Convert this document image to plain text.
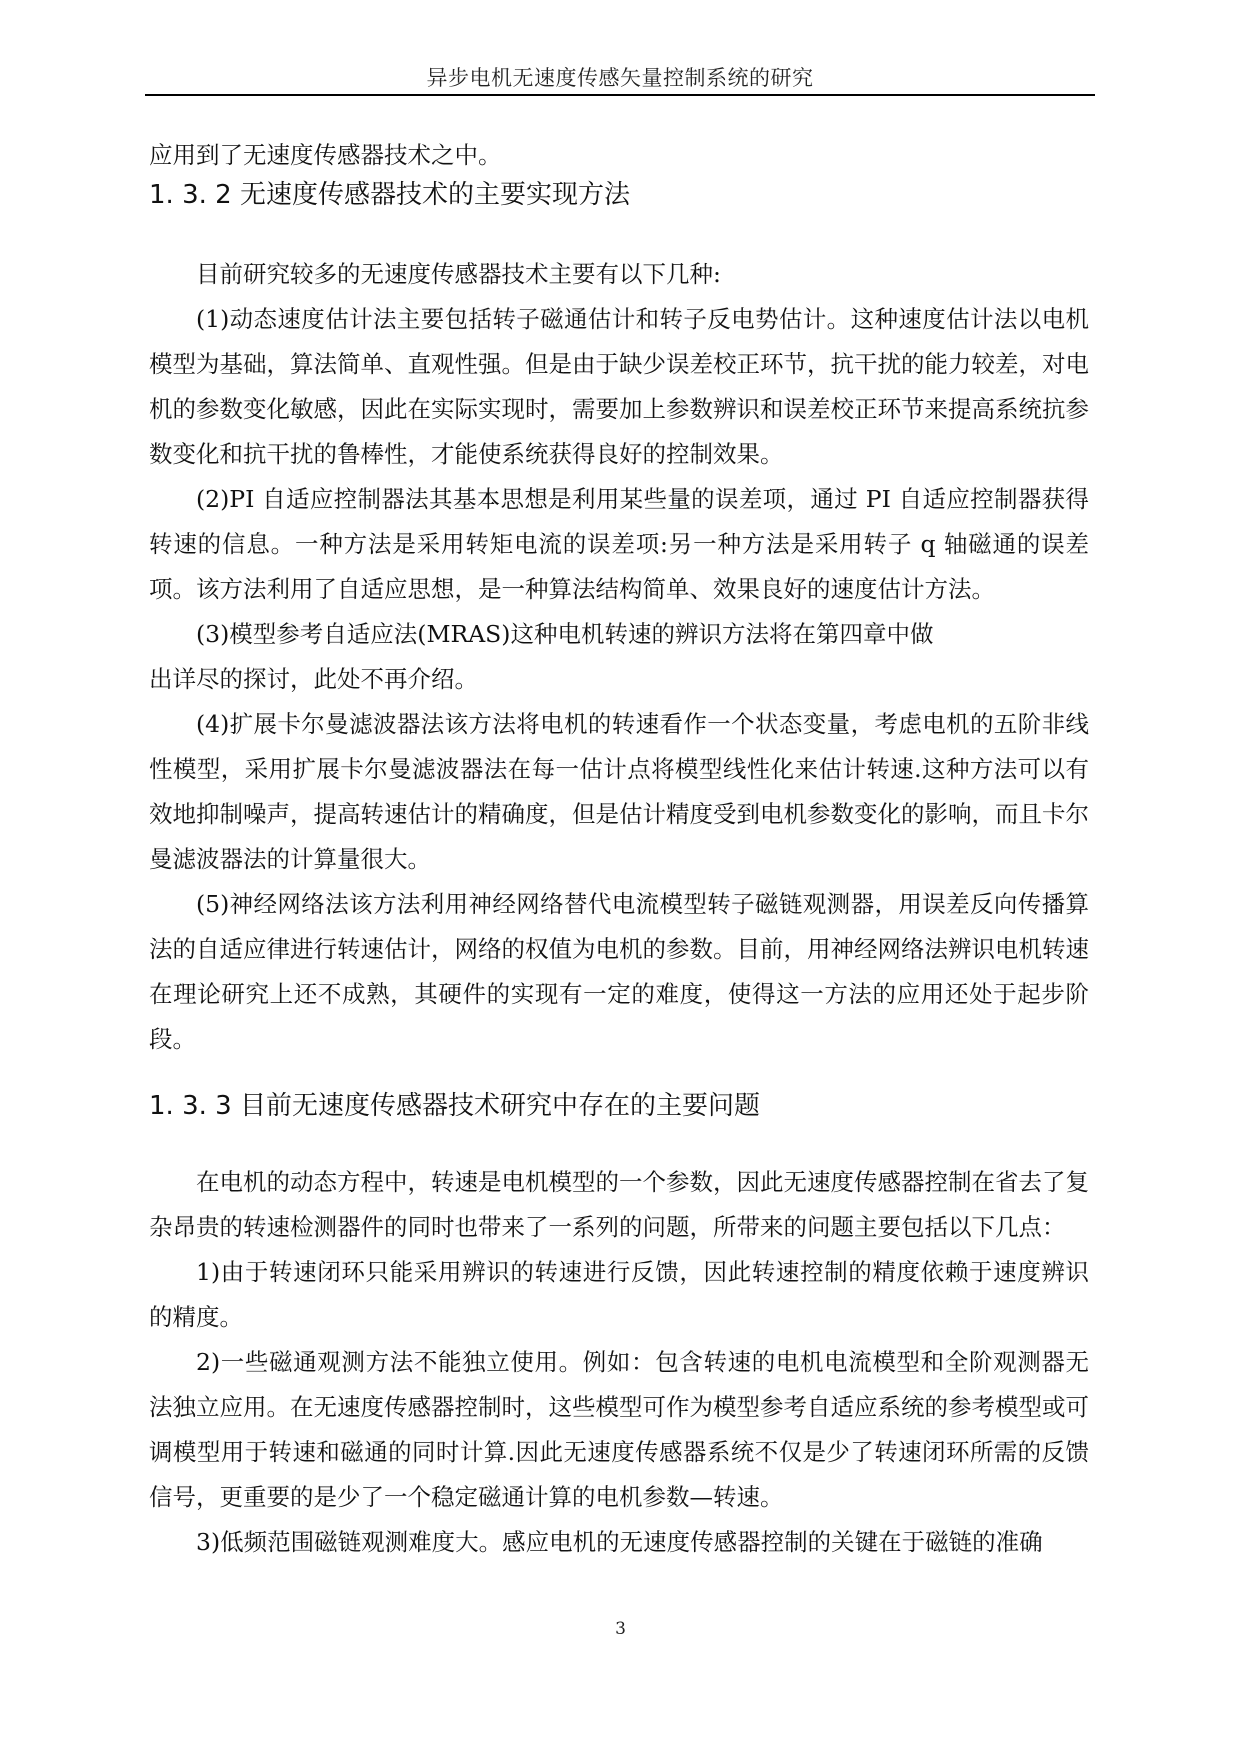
异步电机无速度传感矢量控制系统的研究

应用到了无速度传感器技术之中。

1. 3. 2 无速度传感器技术的主要实现方法

目前研究较多的无速度传感器技术主要有以下几种:

(1)动态速度估计法主要包括转子磁通估计和转子反电势估计。这种速度估计法以电机模型为基础，算法简单、直观性强。但是由于缺少误差校正环节，抗干扰的能力较差，对电机的参数变化敏感，因此在实际实现时，需要加上参数辨识和误差校正环节来提高系统抗参数变化和抗干扰的鲁棒性，才能使系统获得良好的控制效果。

(2)PI 自适应控制器法其基本思想是利用某些量的误差项，通过 PI 自适应控制器获得转速的信息。一种方法是采用转矩电流的误差项:另一种方法是采用转子 q 轴磁通的误差项。该方法利用了自适应思想，是一种算法结构简单、效果良好的速度估计方法。

(3)模型参考自适应法(MRAS)这种电机转速的辨识方法将在第四章中做

出详尽的探讨，此处不再介绍。

(4)扩展卡尔曼滤波器法该方法将电机的转速看作一个状态变量，考虑电机的五阶非线性模型，采用扩展卡尔曼滤波器法在每一估计点将模型线性化来估计转速.这种方法可以有效地抑制噪声，提高转速估计的精确度，但是估计精度受到电机参数变化的影响，而且卡尔曼滤波器法的计算量很大。

(5)神经网络法该方法利用神经网络替代电流模型转子磁链观测器，用误差反向传播算法的自适应律进行转速估计，网络的权值为电机的参数。目前，用神经网络法辨识电机转速在理论研究上还不成熟，其硬件的实现有一定的难度，使得这一方法的应用还处于起步阶段。

1. 3. 3 目前无速度传感器技术研究中存在的主要问题

在电机的动态方程中，转速是电机模型的一个参数，因此无速度传感器控制在省去了复杂昂贵的转速检测器件的同时也带来了一系列的问题，所带来的问题主要包括以下几点：

1)由于转速闭环只能采用辨识的转速进行反馈，因此转速控制的精度依赖于速度辨识的精度。

2)一些磁通观测方法不能独立使用。例如：包含转速的电机电流模型和全阶观测器无法独立应用。在无速度传感器控制时，这些模型可作为模型参考自适应系统的参考模型或可调模型用于转速和磁通的同时计算.因此无速度传感器系统不仅是少了转速闭环所需的反馈信号，更重要的是少了一个稳定磁通计算的电机参数—转速。

3)低频范围磁链观测难度大。感应电机的无速度传感器控制的关键在于磁链的准确

3
